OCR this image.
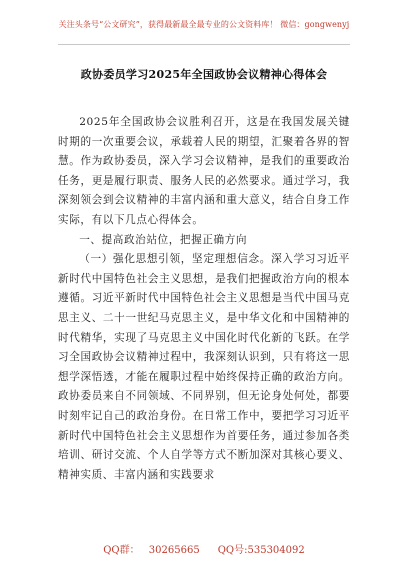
关注头条号“公文研究”，获得最新最全最专业的公文资料库！ 微信：gongwenyj
政协委员学习2025年全国政协会议精神心得体会

2025年全国政协会议胜利召开，这是在我国发展关键时期的一次重要会议，承载着人民的期望，汇聚着各界的智慧。作为政协委员，深入学习会议精神，是我们的重要政治任务，更是履行职责、服务人民的必然要求。通过学习，我深刻领会到会议精神的丰富内涵和重大意义，结合自身工作实际，有以下几点心得体会。

一、提高政治站位，把握正确方向

（一）强化思想引领，坚定理想信念。深入学习习近平新时代中国特色社会主义思想，是我们把握政治方向的根本遵循。习近平新时代中国特色社会主义思想是当代中国马克思主义、二十一世纪马克思主义，是中华文化和中国精神的时代精华，实现了马克思主义中国化时代化新的飞跃。在学习全国政协会议精神过程中，我深刻认识到，只有将这一思想学深悟透，才能在履职过程中始终保持正确的政治方向。政协委员来自不同领域、不同界别，但无论身处何处，都要时刻牢记自己的政治身份。在日常工作中，要把学习习近平新时代中国特色社会主义思想作为首要任务，通过参加各类培训、研讨交流、个人自学等方式不断加深对其核心要义、精神实质、丰富内涵和实践要求

QQ群： 30265665 QQ号:535304092
